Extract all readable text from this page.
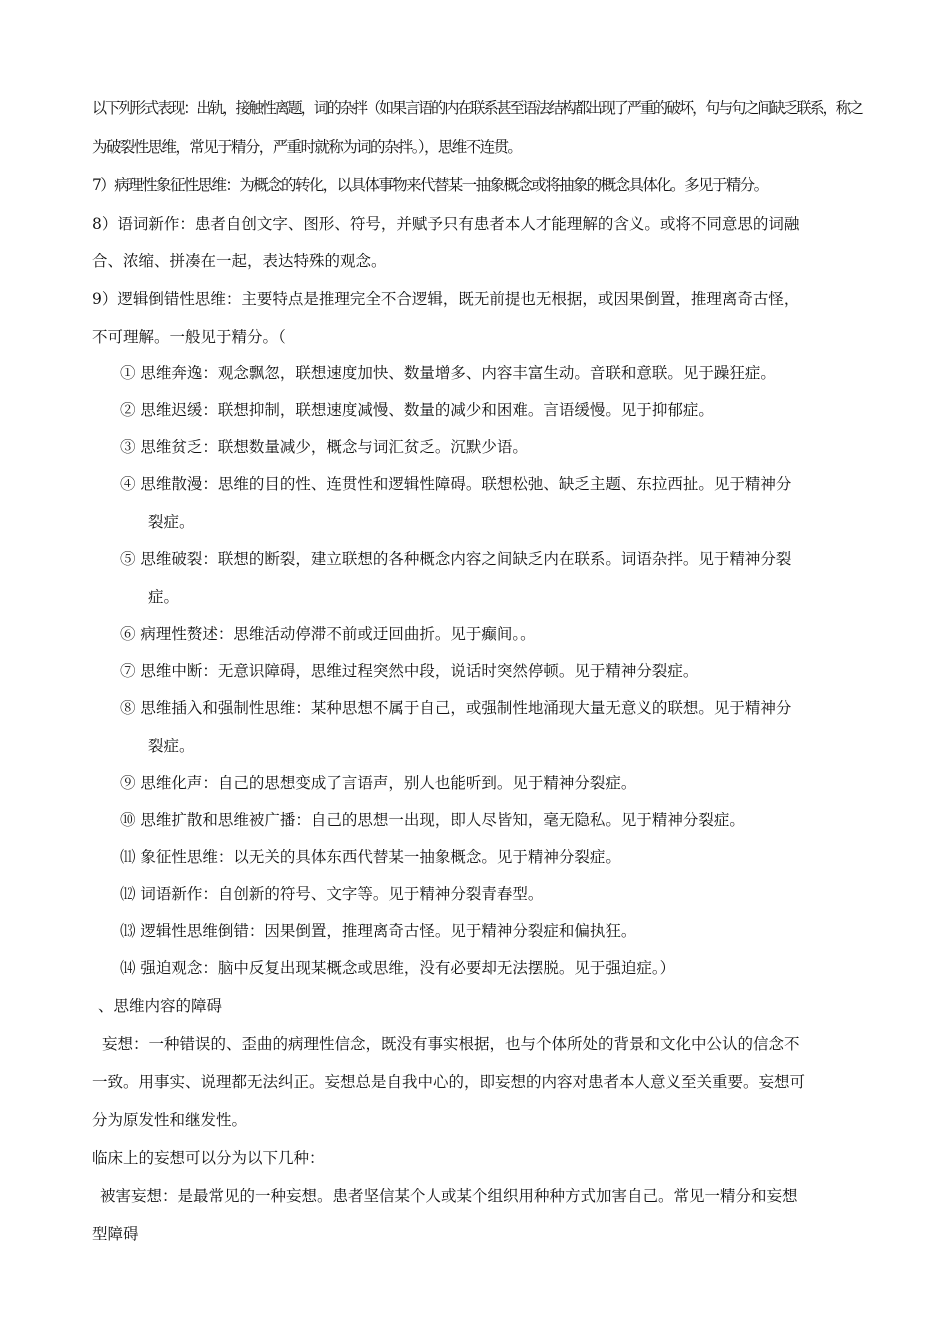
以下列形式表现：出轨，接触性离题，词的杂拌（如果言语的内在联系甚至语法结构都出现了严重的破坏，句与句之间缺乏联系，称之
为破裂性思维，常见于精分，严重时就称为词的杂拌。），思维不连贯。
7）病理性象征性思维：为概念的转化，以具体事物来代替某一抽象概念或将抽象的概念具体化。多见于精分。
8）语词新作：患者自创文字、图形、符号，并赋予只有患者本人才能理解的含义。或将不同意思的词融
合、浓缩、拼凑在一起，表达特殊的观念。
9）逻辑倒错性思维：主要特点是推理完全不合逻辑，既无前提也无根据，或因果倒置，推理离奇古怪，
不可理解。一般见于精分。（
① 思维奔逸：观念飘忽，联想速度加快、数量增多、内容丰富生动。音联和意联。见于躁狂症。
② 思维迟缓：联想抑制，联想速度减慢、数量的减少和困难。言语缓慢。见于抑郁症。
③ 思维贫乏：联想数量减少，概念与词汇贫乏。沉默少语。
④ 思维散漫：思维的目的性、连贯性和逻辑性障碍。联想松弛、缺乏主题、东拉西扯。见于精神分
裂症。
⑤ 思维破裂：联想的断裂，建立联想的各种概念内容之间缺乏内在联系。词语杂拌。见于精神分裂
症。
⑥ 病理性赘述：思维活动停滞不前或迂回曲折。见于癫间。。
⑦ 思维中断：无意识障碍，思维过程突然中段，说话时突然停顿。见于精神分裂症。
⑧ 思维插入和强制性思维：某种思想不属于自己，或强制性地涌现大量无意义的联想。见于精神分
裂症。
⑨ 思维化声：自己的思想变成了言语声，别人也能听到。见于精神分裂症。
⑩ 思维扩散和思维被广播：自己的思想一出现，即人尽皆知，毫无隐私。见于精神分裂症。
⑾ 象征性思维：以无关的具体东西代替某一抽象概念。见于精神分裂症。
⑿ 词语新作：自创新的符号、文字等。见于精神分裂青春型。
⒀ 逻辑性思维倒错：因果倒置，推理离奇古怪。见于精神分裂症和偏执狂。
⒁ 强迫观念：脑中反复出现某概念或思维，没有必要却无法摆脱。见于强迫症。）
、思维内容的障碍
妄想：一种错误的、歪曲的病理性信念，既没有事实根据，也与个体所处的背景和文化中公认的信念不
一致。用事实、说理都无法纠正。妄想总是自我中心的，即妄想的内容对患者本人意义至关重要。妄想可
分为原发性和继发性。
临床上的妄想可以分为以下几种：
被害妄想：是最常见的一种妄想。患者坚信某个人或某个组织用种种方式加害自己。常见一精分和妄想
型障碍
